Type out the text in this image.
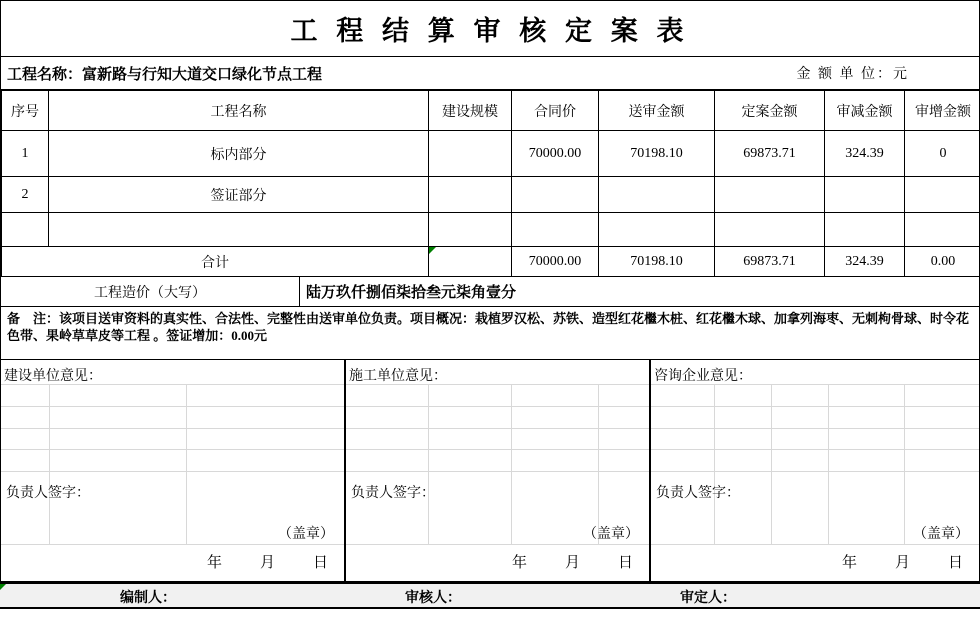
工 程 结 算 审 核 定 案 表
工程名称：富新路与行知大道交口绿化节点工程	金 额 单 位：元
序号	工程名称	建设规模	合同价	送审金额	定案金额	审减金额	审增金额
1	标内部分		70000.00	70198.10	69873.71	324.39	0
2	签证部分						

合计			70000.00	70198.10	69873.71	324.39	0.00
工程造价（大写）	陆万玖仟捌佰柒拾叁元柒角壹分
备　注：该项目送审资料的真实性、合法性、完整性由送审单位负责。项目概况：栽植罗汉松、苏铁、造型红花檵木桩、红花檵木球、加拿列海枣、无刺枸骨球、时令花色带、果岭草草皮等工程 。签证增加：0.00元
建设单位意见：
负责人签字：
（盖章）
年	月	日
施工单位意见：
负责人签字：
（盖章）
年	月	日
咨询企业意见：
负责人签字：
（盖章）
年	月	日
编制人：	审核人：	审定人：
